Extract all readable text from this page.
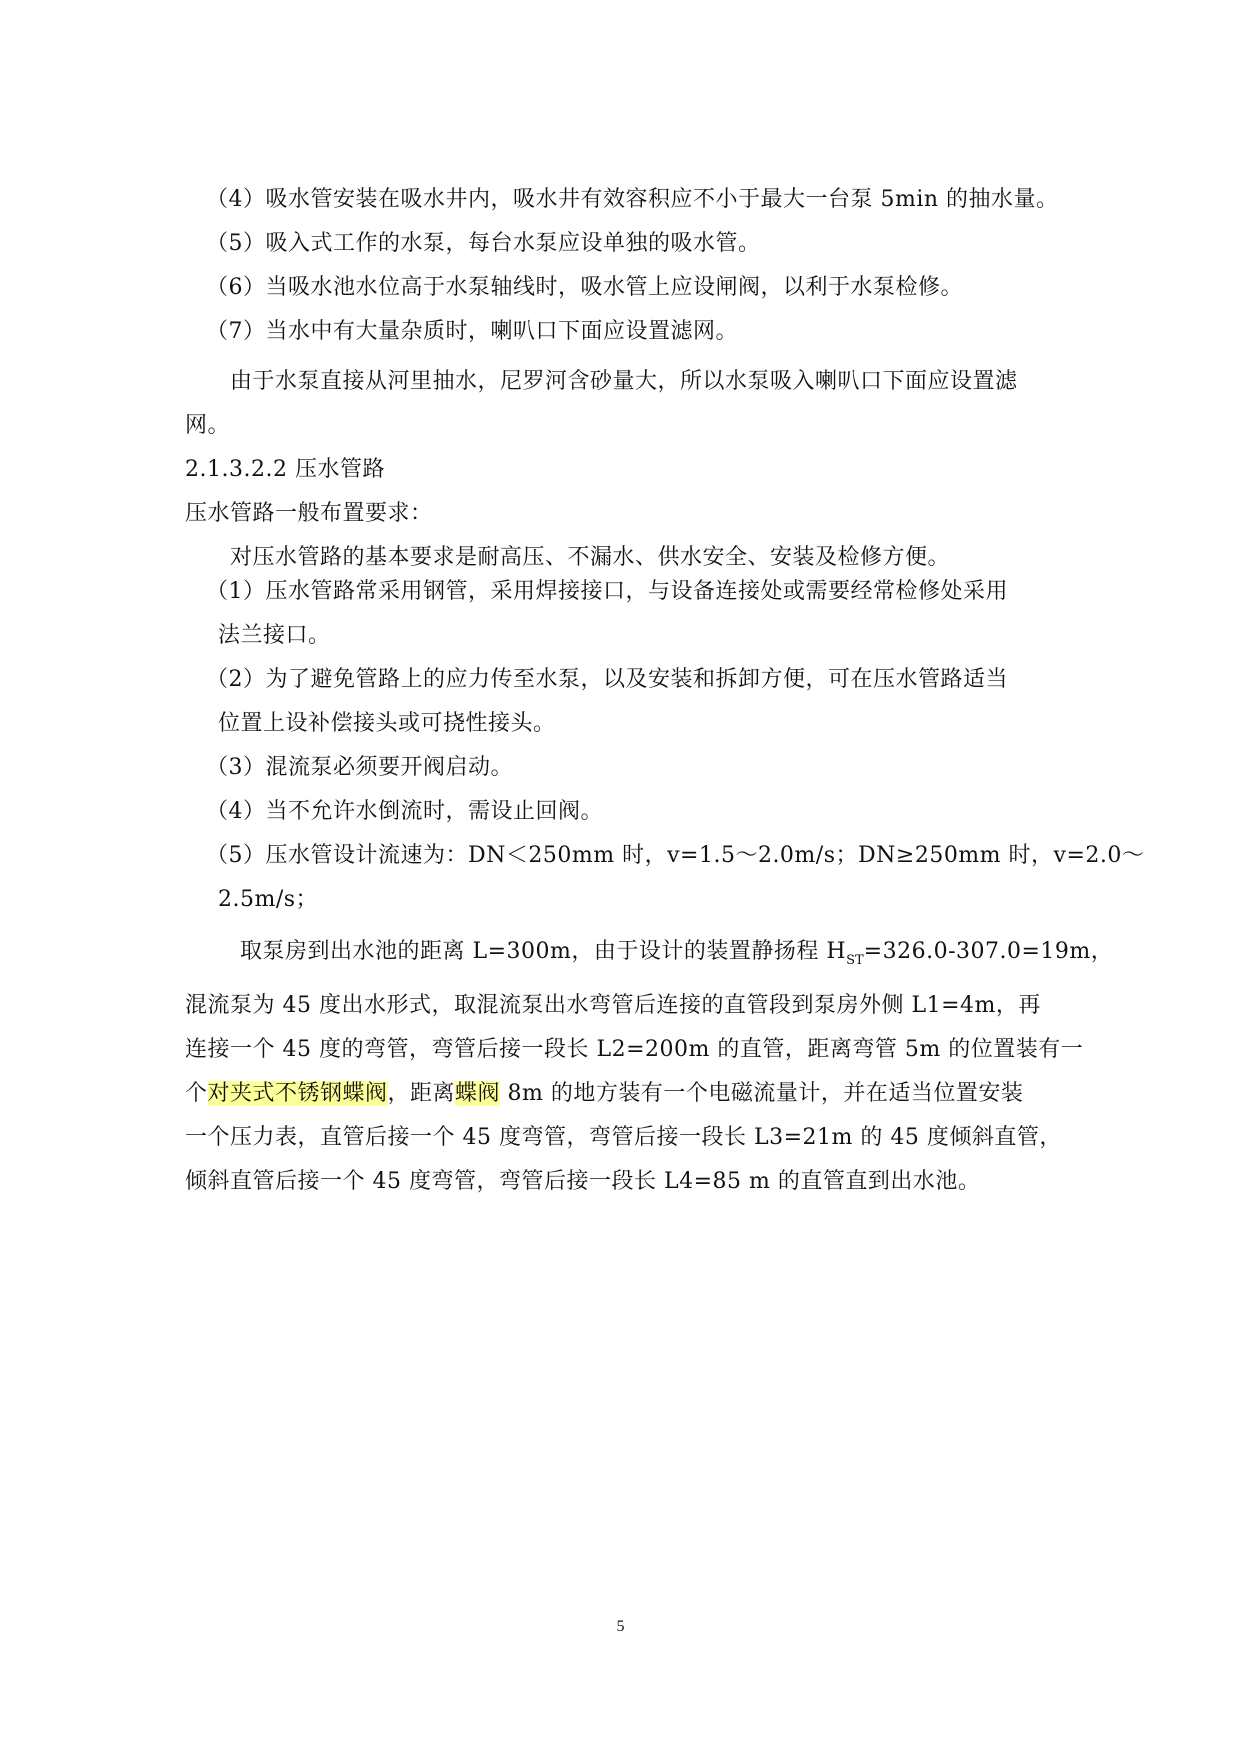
（4）吸水管安装在吸水井内，吸水井有效容积应不小于最大一台泵 5min 的抽水量。
（5）吸入式工作的水泵，每台水泵应设单独的吸水管。
（6）当吸水池水位高于水泵轴线时，吸水管上应设闸阀，以利于水泵检修。
（7）当水中有大量杂质时，喇叭口下面应设置滤网。
由于水泵直接从河里抽水，尼罗河含砂量大，所以水泵吸入喇叭口下面应设置滤
网。
2.1.3.2.2 压水管路
压水管路一般布置要求：
对压水管路的基本要求是耐高压、不漏水、供水安全、安装及检修方便。
（1）压水管路常采用钢管，采用焊接接口，与设备连接处或需要经常检修处采用
法兰接口。
（2）为了避免管路上的应力传至水泵，以及安装和拆卸方便，可在压水管路适当
位置上设补偿接头或可挠性接头。
（3）混流泵必须要开阀启动。
（4）当不允许水倒流时，需设止回阀。
（5）压水管设计流速为：DN＜250mm 时，v=1.5～2.0m/s；DN≥250mm 时，v=2.0～
2.5m/s；
取泵房到出水池的距离 L=300m，由于设计的装置静扬程 $H_{ST}=326.0-307.0=19m$，
混流泵为 45 度出水形式，取混流泵出水弯管后连接的直管段到泵房外侧 L1=4m，再
连接一个 45 度的弯管，弯管后接一段长 L2=200m 的直管，距离弯管 5m 的位置装有一
个对夹式不锈钢蝶阀，距离蝶阀 8m 的地方装有一个电磁流量计，并在适当位置安装
一个压力表，直管后接一个 45 度弯管，弯管后接一段长 L3=21m 的 45 度倾斜直管，
倾斜直管后接一个 45 度弯管，弯管后接一段长 L4=85 m 的直管直到出水池。
5
